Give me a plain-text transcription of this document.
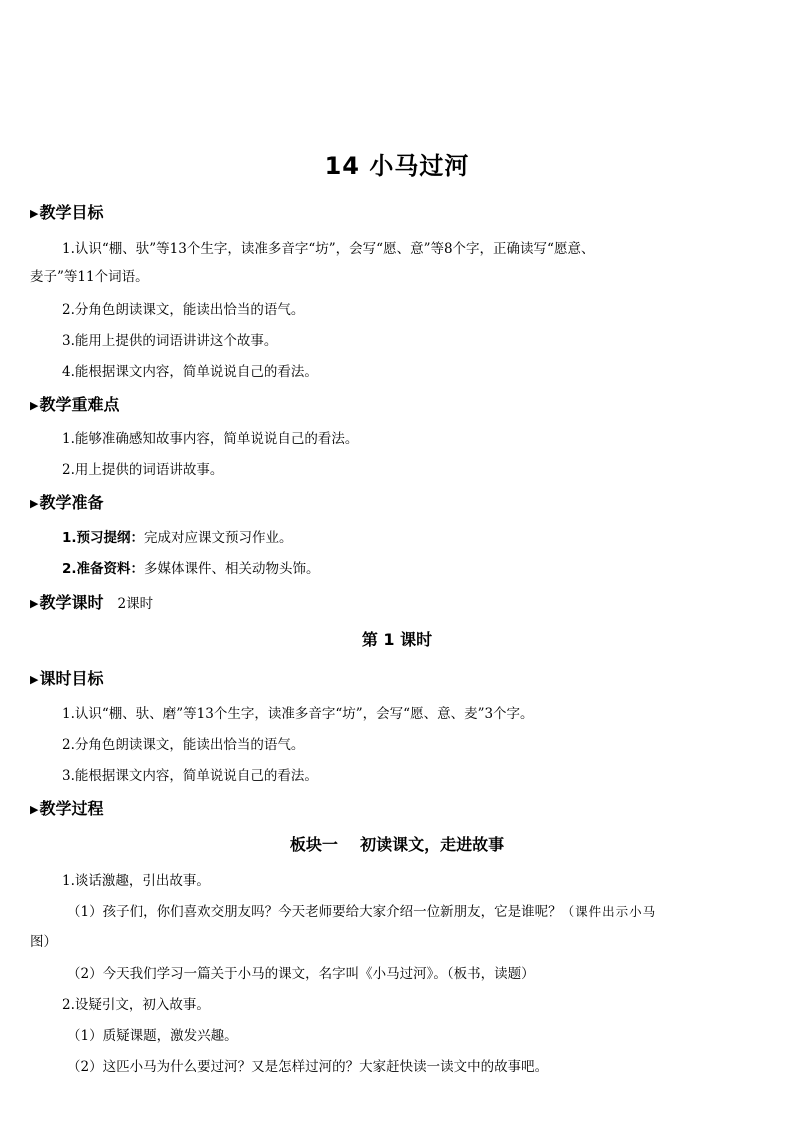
14 小马过河
▶教学目标
1.认识“棚、驮”等13个生字，读准多音字“坊”，会写“愿、意”等8个字，正确读写“愿意、
麦子”等11个词语。
2.分角色朗读课文，能读出恰当的语气。
3.能用上提供的词语讲讲这个故事。
4.能根据课文内容，简单说说自己的看法。
▶教学重难点
1.能够准确感知故事内容，简单说说自己的看法。
2.用上提供的词语讲故事。
▶教学准备
1.预习提纲：完成对应课文预习作业。
2.准备资料：多媒体课件、相关动物头饰。
▶教学课时 2课时
第 1 课时
▶课时目标
1.认识“棚、驮、磨”等13个生字，读准多音字“坊”，会写“愿、意、麦”3个字。
2.分角色朗读课文，能读出恰当的语气。
3.能根据课文内容，简单说说自己的看法。
▶教学过程
板块一    初读课文，走进故事
1.谈话激趣，引出故事。
（1）孩子们，你们喜欢交朋友吗？今天老师要给大家介绍一位新朋友，它是谁呢？（课件出示小马
图）
（2）今天我们学习一篇关于小马的课文，名字叫《小马过河》。（板书，读题）
2.设疑引文，初入故事。
（1）质疑课题，激发兴趣。
（2）这匹小马为什么要过河？又是怎样过河的？大家赶快读一读文中的故事吧。
